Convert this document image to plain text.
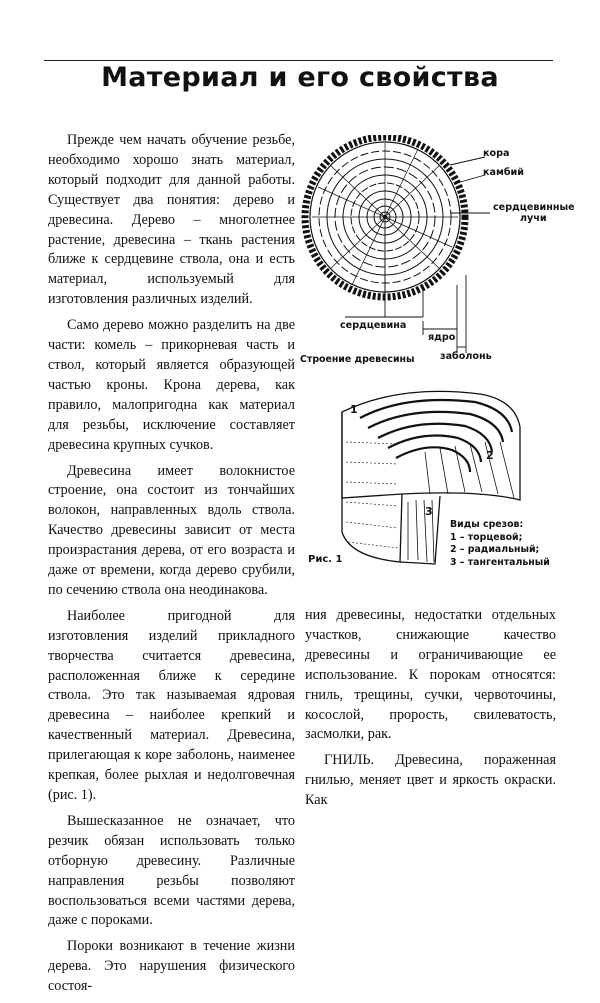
Материал и его свойства

Прежде чем начать обучение резьбе, необходимо хорошо знать материал, который подходит для данной работы. Существует два понятия: дерево и древесина. Дерево – многолетнее растение, древесина – ткань растения ближе к сердцевине ствола, она и есть материал, используемый для изготовления различных изделий.

Само дерево можно разделить на две части: комель – прикорневая часть и ствол, который является образующей частью кроны. Крона дерева, как правило, малопригодна как материал для резьбы, исключение составляет древесина крупных сучков.

Древесина имеет волокнистое строение, она состоит из тончайших волокон, направленных вдоль ствола. Качество древесины зависит от места произрастания дерева, от его возраста и даже от времени, когда дерево срубили, по сечению ствола она неодинакова.

Наиболее пригодной для изготовления изделий прикладного творчества считается древесина, расположенная ближе к середине ствола. Это так называемая ядровая древесина – наиболее крепкий и качественный материал. Древесина, прилегающая к коре заболонь, наименее крепкая, более рыхлая и недолговечная (рис. 1).

Вышесказанное не означает, что резчик обязан использовать только отборную древесину. Различные направления резьбы позволяют воспользоваться всеми частями дерева, даже с пороками.

Пороки возникают в течение жизни дерева. Это нарушения физического состоя-

кора
камбий
сердцевинные
лучи
сердцевина
ядро
заболонь
Строение древесины
1
2
3
Рис. 1
Виды срезов:
1 – торцевой;
2 – радиальный;
3 – тангентальный

ния древесины, недостатки отдельных участков, снижающие качество древесины и ограничивающие ее использование. К порокам относятся: гниль, трещины, сучки, червоточины, косослой, прорость, свилеватость, засмолки, рак.

ГНИЛЬ. Древесина, пораженная гнилью, меняет цвет и яркость окраски. Как
